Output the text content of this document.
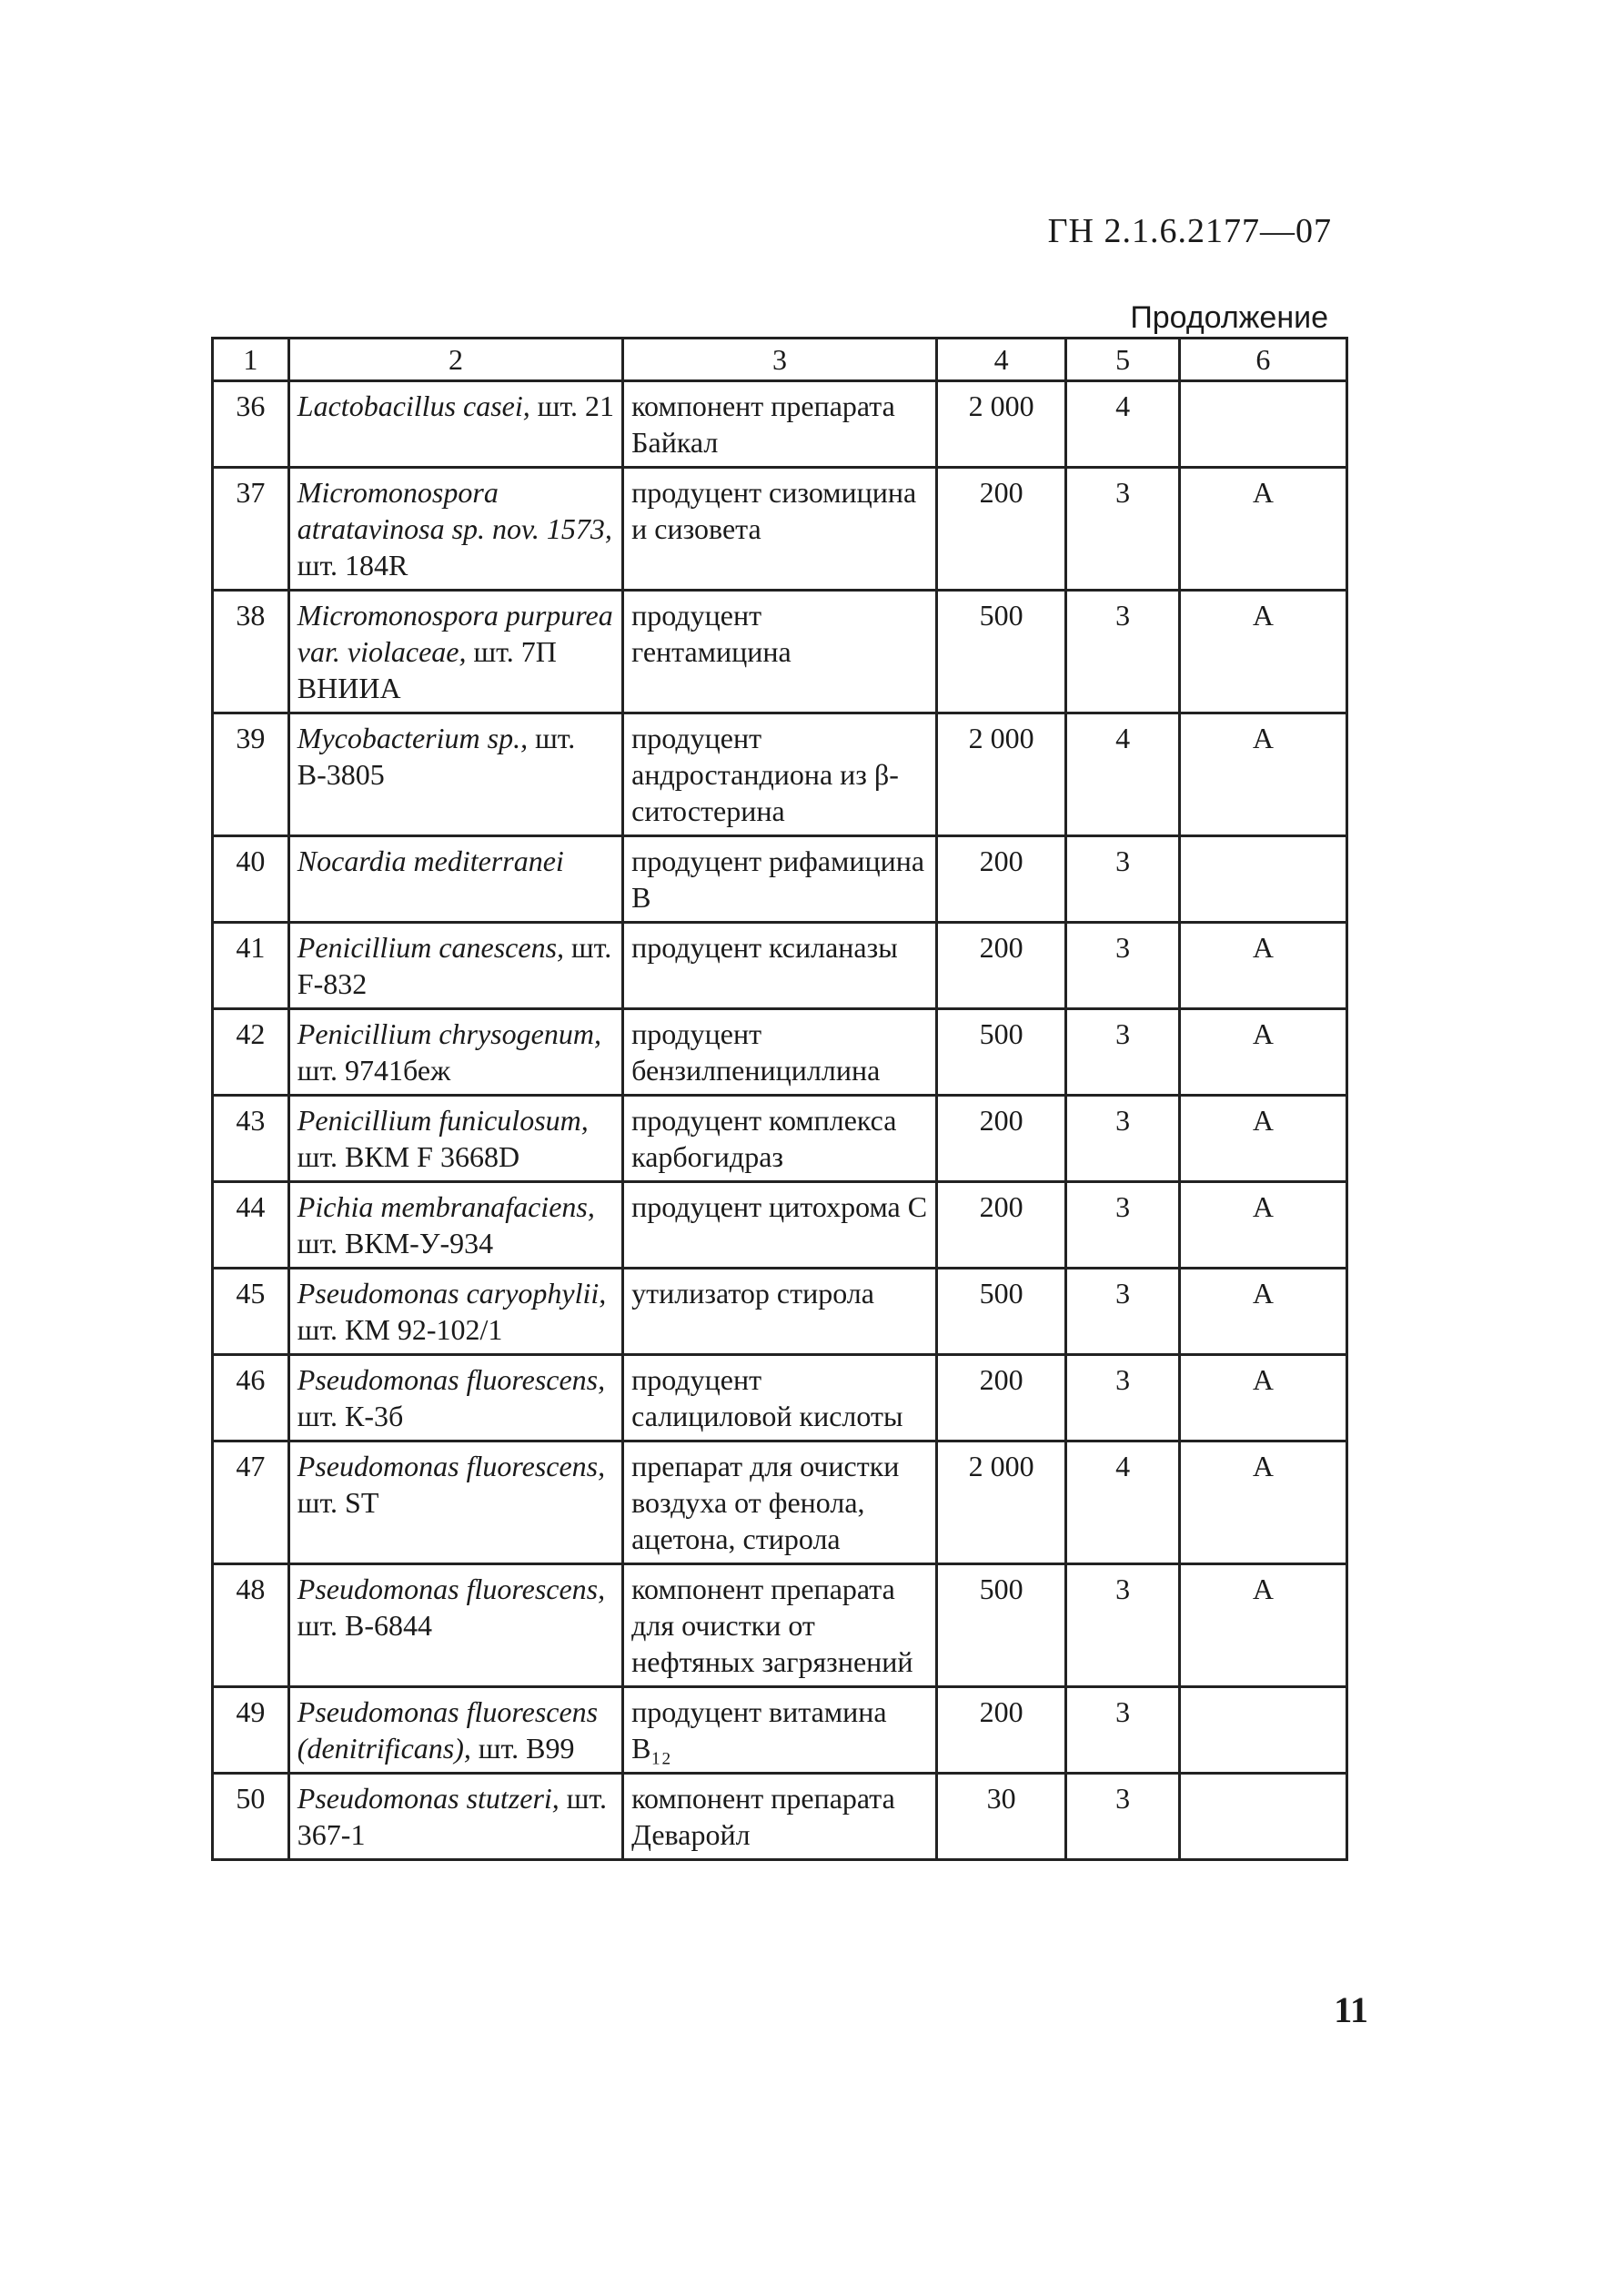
ГН 2.1.6.2177—07
Продолжение
1	2	3	4	5	6
36	Lactobacillus casei, шт. 21	компонент препарата Байкал	2 000	4	
37	Micromonospora atratavinosa sp. nov. 1573, шт. 184R	продуцент сизомицина и сизовета	200	3	А
38	Micromonospora purpurea var. violaceae, шт. 7П ВНИИА	продуцент гентамицина	500	3	А
39	Mycobacterium sp., шт. В-3805	продуцент андростандиона из β-ситостерина	2 000	4	А
40	Nocardia mediterranei	продуцент рифамицина В	200	3	
41	Penicillium canescens, шт. F-832	продуцент ксиланазы	200	3	А
42	Penicillium chrysogenum, шт. 9741беж	продуцент бензилпенициллина	500	3	А
43	Penicillium funiculosum, шт. ВКМ F 3668D	продуцент комплекса карбогидраз	200	3	А
44	Pichia membranafaciens, шт. ВКМ-У-934	продуцент цитохрома С	200	3	А
45	Pseudomonas caryophylii, шт. КМ 92-102/1	утилизатор стирола	500	3	А
46	Pseudomonas fluorescens, шт. К-3б	продуцент салициловой кислоты	200	3	А
47	Pseudomonas fluorescens, шт. ST	препарат для очистки воздуха от фенола, ацетона, стирола	2 000	4	А
48	Pseudomonas fluorescens, шт. В-6844	компонент препарата для очистки от нефтяных загрязнений	500	3	А
49	Pseudomonas fluorescens (denitrificans), шт. В99	продуцент витамина В₁₂	200	3	
50	Pseudomonas stutzeri, шт. 367-1	компонент препарата Деваройл	30	3	
11
